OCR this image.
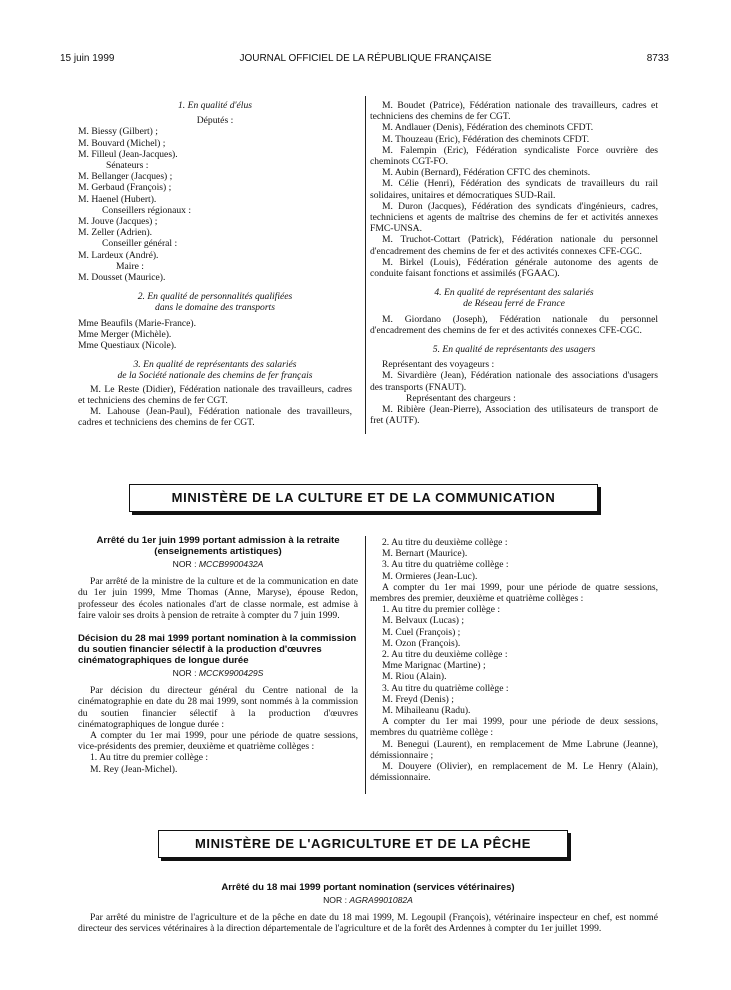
15 juin 1999	JOURNAL OFFICIEL DE LA RÉPUBLIQUE FRANÇAISE	8733

1. En qualité d'élus

Députés :

M. Biessy (Gilbert) ;

M. Bouvard (Michel) ;

M. Filleul (Jean-Jacques).

Sénateurs :

M. Bellanger (Jacques) ;

M. Gerbaud (François) ;

M. Haenel (Hubert).

Conseillers régionaux :

M. Jouve (Jacques) ;

M. Zeller (Adrien).

Conseiller général :

M. Lardeux (André).

Maire :

M. Dousset (Maurice).

2. En qualité de personnalités qualifiées

dans le domaine des transports

Mme Beaufils (Marie-France).

Mme Merger (Michèle).

Mme Questiaux (Nicole).

3. En qualité de représentants des salariés

de la Société nationale des chemins de fer français

M. Le Reste (Didier), Fédération nationale des travailleurs, cadres et techniciens des chemins de fer CGT.

M. Lahouse (Jean-Paul), Fédération nationale des travailleurs, cadres et techniciens des chemins de fer CGT.

M. Boudet (Patrice), Fédération nationale des travailleurs, cadres et techniciens des chemins de fer CGT.

M. Andlauer (Denis), Fédération des cheminots CFDT.

M. Thouzeau (Eric), Fédération des cheminots CFDT.

M. Falempin (Eric), Fédération syndicaliste Force ouvrière des cheminots CGT-FO.

M. Aubin (Bernard), Fédération CFTC des cheminots.

M. Célie (Henri), Fédération des syndicats de travailleurs du rail solidaires, unitaires et démocratiques SUD-Rail.

M. Duron (Jacques), Fédération des syndicats d'ingénieurs, cadres, techniciens et agents de maîtrise des chemins de fer et activités annexes FMC-UNSA.

M. Truchot-Cottart (Patrick), Fédération nationale du personnel d'encadrement des chemins de fer et des activités connexes CFE-CGC.

M. Birkel (Louis), Fédération générale autonome des agents de conduite faisant fonctions et assimilés (FGAAC).

4. En qualité de représentant des salariés

de Réseau ferré de France

M. Giordano (Joseph), Fédération nationale du personnel d'encadrement des chemins de fer et des activités connexes CFE-CGC.

5. En qualité de représentants des usagers

Représentant des voyageurs :

M. Sivardière (Jean), Fédération nationale des associations d'usagers des transports (FNAUT).

Représentant des chargeurs :

M. Ribière (Jean-Pierre), Association des utilisateurs de transport de fret (AUTF).

MINISTÈRE DE LA CULTURE ET DE LA COMMUNICATION

Arrêté du 1er juin 1999 portant admission à la retraite (enseignements artistiques)

NOR : MCCB9900432A

Par arrêté de la ministre de la culture et de la communication en date du 1er juin 1999, Mme Thomas (Anne, Maryse), épouse Redon, professeur des écoles nationales d'art de classe normale, est admise à faire valoir ses droits à pension de retraite à compter du 7 juin 1999.

Décision du 28 mai 1999 portant nomination à la commission du soutien financier sélectif à la production d'œuvres cinématographiques de longue durée

NOR : MCCK9900429S

Par décision du directeur général du Centre national de la cinématographie en date du 28 mai 1999, sont nommés à la commission du soutien financier sélectif à la production d'œuvres cinématographiques de longue durée :

A compter du 1er mai 1999, pour une période de quatre sessions, vice-présidents des premier, deuxième et quatrième collèges :

1. Au titre du premier collège :

M. Rey (Jean-Michel).

2. Au titre du deuxième collège :

M. Bernart (Maurice).

3. Au titre du quatrième collège :

M. Ormieres (Jean-Luc).

A compter du 1er mai 1999, pour une période de quatre sessions, membres des premier, deuxième et quatrième collèges :

1. Au titre du premier collège :

M. Belvaux (Lucas) ;

M. Cuel (François) ;

M. Ozon (François).

2. Au titre du deuxième collège :

Mme Marignac (Martine) ;

M. Riou (Alain).

3. Au titre du quatrième collège :

M. Freyd (Denis) ;

M. Mihaileanu (Radu).

A compter du 1er mai 1999, pour une période de deux sessions, membres du quatrième collège :

M. Benegui (Laurent), en remplacement de Mme Labrune (Jeanne), démissionnaire ;

M. Douyere (Olivier), en remplacement de M. Le Henry (Alain), démissionnaire.

MINISTÈRE DE L'AGRICULTURE ET DE LA PÊCHE

Arrêté du 18 mai 1999 portant nomination (services vétérinaires)

NOR : AGRA9901082A

Par arrêté du ministre de l'agriculture et de la pêche en date du 18 mai 1999, M. Legoupil (François), vétérinaire inspecteur en chef, est nommé directeur des services vétérinaires à la direction départementale de l'agriculture et de la forêt des Ardennes à compter du 1er juillet 1999.
